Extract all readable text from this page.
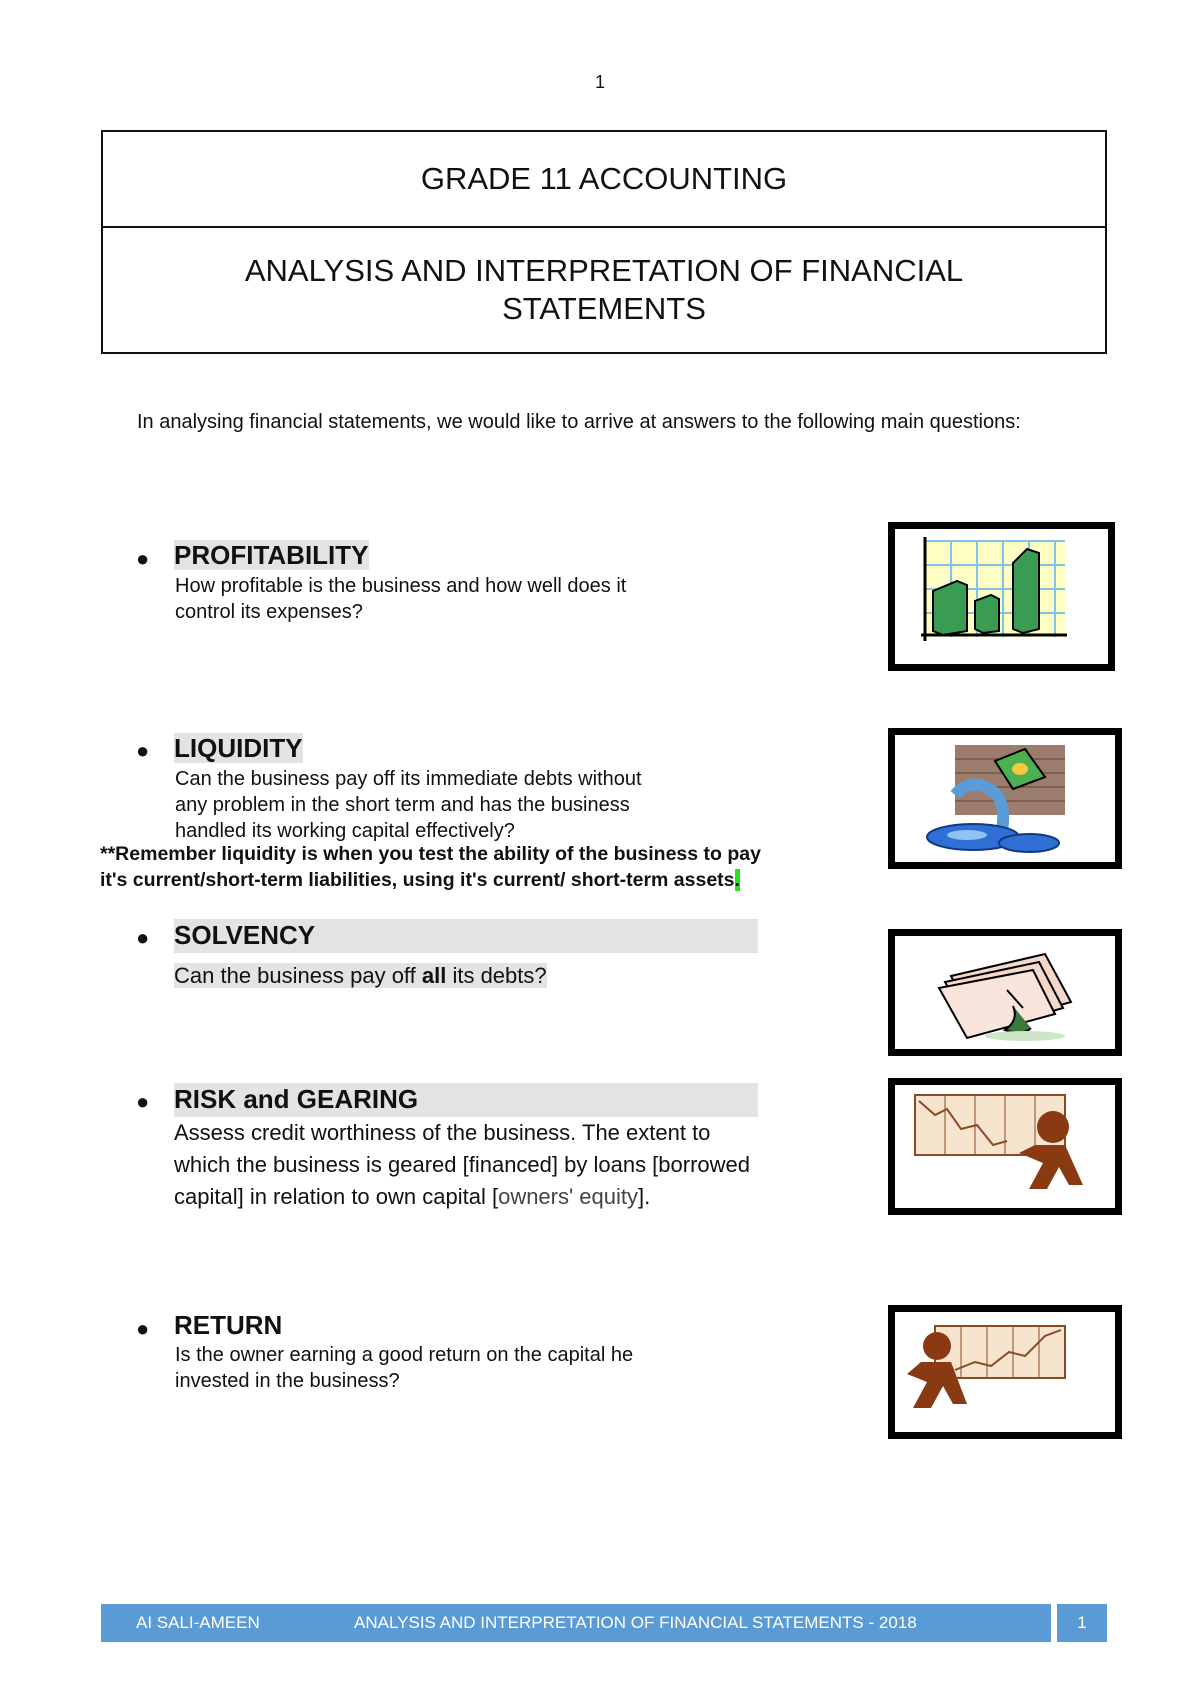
1
GRADE 11 ACCOUNTING
ANALYSIS AND INTERPRETATION OF FINANCIAL STATEMENTS
In analysing financial statements, we would like to arrive at answers to the following main questions:
● PROFITABILITY
How profitable is the business and how well does it
control its expenses?
● LIQUIDITY
Can the business pay off its immediate debts without
any problem in the short term and has the business
handled its working capital effectively?
**Remember liquidity is when you test the ability of the business to pay
it's current/short-term liabilities, using it's current/ short-term assets.
● SOLVENCY
Can the business pay off all its debts?
● RISK and GEARING
Assess credit worthiness of the business. The extent to
which the business is geared [financed] by loans [borrowed
capital] in relation to own capital [owners' equity].
● RETURN
Is the owner earning a good return on the capital he
invested in the business?
AI SALI-AMEEN	ANALYSIS AND INTERPRETATION OF FINANCIAL STATEMENTS - 2018	1
